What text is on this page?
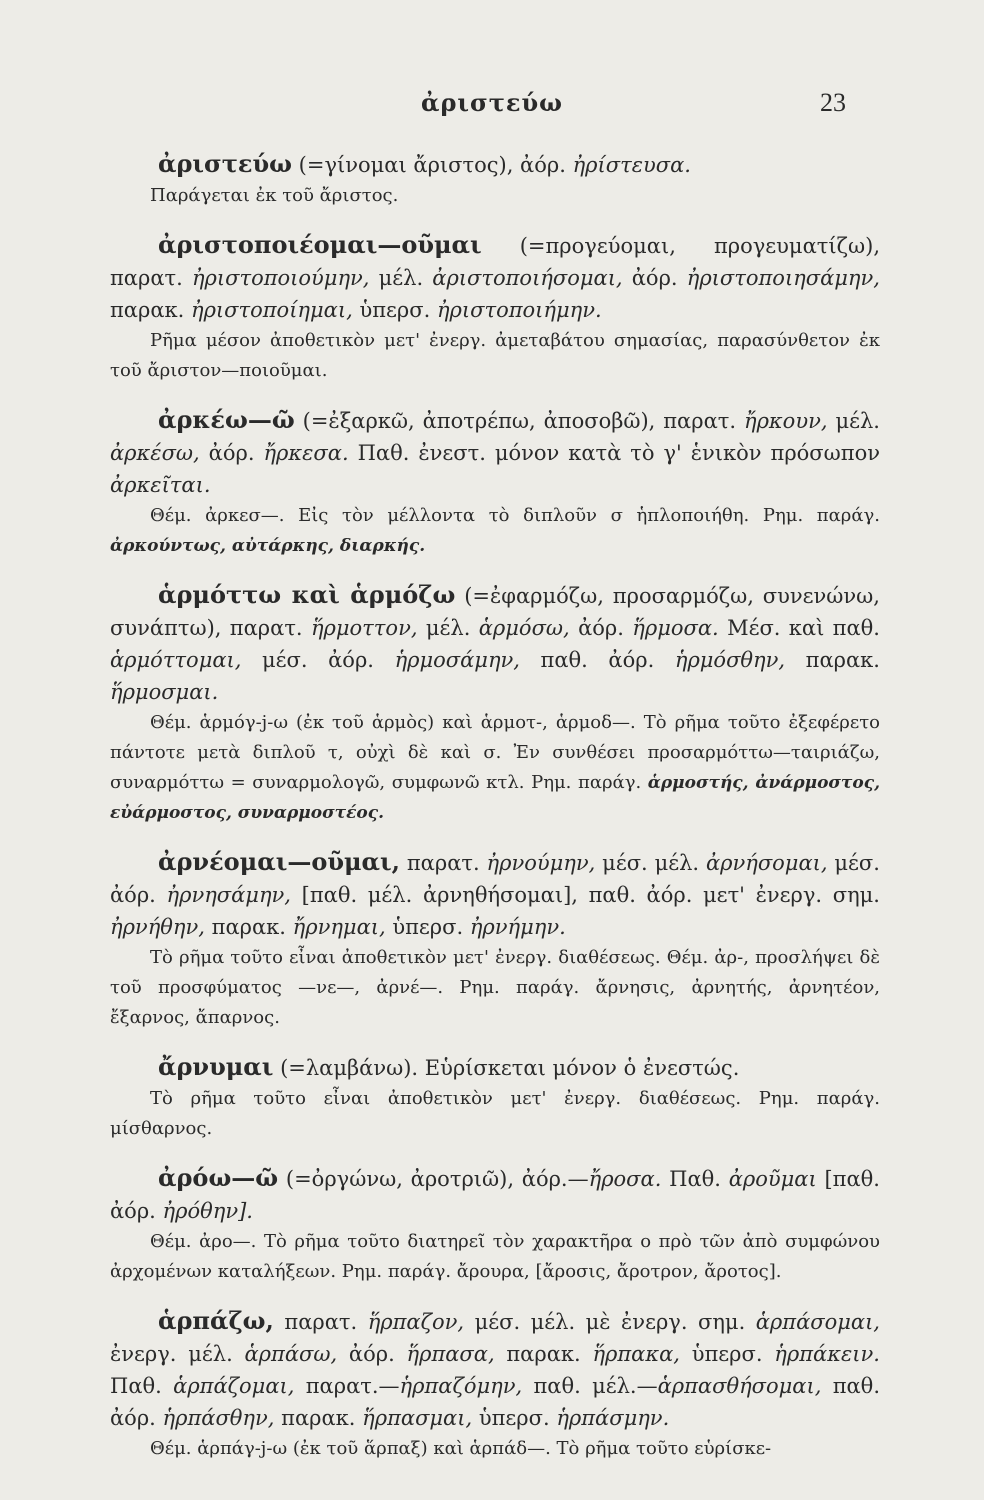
ἀριστεύω	23

ἀριστεύω (=γίνομαι ἄριστος), ἀόρ. ἠρίστευσα.

Παράγεται ἐκ τοῦ ἄριστος.

ἀριστοποιέομαι—οῦμαι (=προγεύομαι, προγευματίζω), παρατ. ἠριστοποιούμην, μέλ. ἀριστοποιήσομαι, ἀόρ. ἠριστοποιησάμην, παρακ. ἠριστοποίημαι, ὑπερσ. ἠριστοποιήμην.

Ρῆμα μέσον ἀποθετικὸν μετ' ἐνεργ. ἀμεταβάτου σημασίας, παρασύνθετον ἐκ τοῦ ἄριστον—ποιοῦμαι.

ἀρκέω—ῶ (=ἐξαρκῶ, ἀποτρέπω, ἀποσοβῶ), παρατ. ἤρκουν, μέλ. ἀρκέσω, ἀόρ. ἤρκεσα. Παθ. ἐνεστ. μόνον κατὰ τὸ γ' ἑνικὸν πρόσωπον ἀρκεῖται.

Θέμ. ἀρκεσ—. Εἰς τὸν μέλλοντα τὸ διπλοῦν σ ἡπλοποιήθη. Ρημ. παράγ. ἀρκούντως, αὐτάρκης, διαρκής.

ἁρμόττω καὶ ἁρμόζω (=ἐφαρμόζω, προσαρμόζω, συνενώνω, συνάπτω), παρατ. ἥρμοττον, μέλ. ἁρμόσω, ἀόρ. ἥρμοσα. Μέσ. καὶ παθ. ἁρμόττομαι, μέσ. ἀόρ. ἡρμοσάμην, παθ. ἀόρ. ἡρμόσθην, παρακ. ἥρμοσμαι.

Θέμ. ἁρμόγ-j-ω (ἐκ τοῦ ἁρμὸς) καὶ ἁρμοτ-, ἁρμοδ—. Τὸ ρῆμα τοῦτο ἐξεφέρετο πάντοτε μετὰ διπλοῦ τ, οὐχὶ δὲ καὶ σ. Ἐν συνθέσει προσαρμόττω—ταιριάζω, συναρμόττω = συναρμολογῶ, συμφωνῶ κτλ. Ρημ. παράγ. ἁρμοστής, ἀνάρμοστος, εὐάρμοστος, συναρμοστέος.

ἀρνέομαι—οῦμαι, παρατ. ἠρνούμην, μέσ. μέλ. ἀρνήσομαι, μέσ. ἀόρ. ἠρνησάμην, [παθ. μέλ. ἀρνηθήσομαι], παθ. ἀόρ. μετ' ἐνεργ. σημ. ἠρνήθην, παρακ. ἤρνημαι, ὑπερσ. ἠρνήμην.

Τὸ ρῆμα τοῦτο εἶναι ἀποθετικὸν μετ' ἐνεργ. διαθέσεως. Θέμ. ἀρ-, προσλήψει δὲ τοῦ προσφύματος —νε—, ἀρνέ—. Ρημ. παράγ. ἄρνησις, ἀρνητής, ἀρνητέον, ἔξαρνος, ἄπαρνος.

ἄρνυμαι (=λαμβάνω). Εὑρίσκεται μόνον ὁ ἐνεστώς.

Τὸ ρῆμα τοῦτο εἶναι ἀποθετικὸν μετ' ἐνεργ. διαθέσεως. Ρημ. παράγ. μίσθαρνος.

ἀρόω—ῶ (=ὀργώνω, ἀροτριῶ), ἀόρ.—ἤροσα. Παθ. ἀροῦμαι [παθ. ἀόρ. ἠρόθην].

Θέμ. ἀρο—. Τὸ ρῆμα τοῦτο διατηρεῖ τὸν χαρακτῆρα ο πρὸ τῶν ἀπὸ συμφώνου ἀρχομένων καταλήξεων. Ρημ. παράγ. ἄρουρα, [ἄροσις, ἄροτρον, ἄροτος].

ἁρπάζω, παρατ. ἥρπαζον, μέσ. μέλ. μὲ ἐνεργ. σημ. ἁρπάσομαι, ἐνεργ. μέλ. ἁρπάσω, ἀόρ. ἥρπασα, παρακ. ἥρπακα, ὑπερσ. ἡρπάκειν. Παθ. ἁρπάζομαι, παρατ.—ἡρπαζόμην, παθ. μέλ.—ἁρπασθήσομαι, παθ. ἀόρ. ἡρπάσθην, παρακ. ἥρπασμαι, ὑπερσ. ἡρπάσμην.

Θέμ. ἁρπάγ-j-ω (ἐκ τοῦ ἅρπαξ) καὶ ἁρπάδ—. Τὸ ρῆμα τοῦτο εὑρίσκε-
